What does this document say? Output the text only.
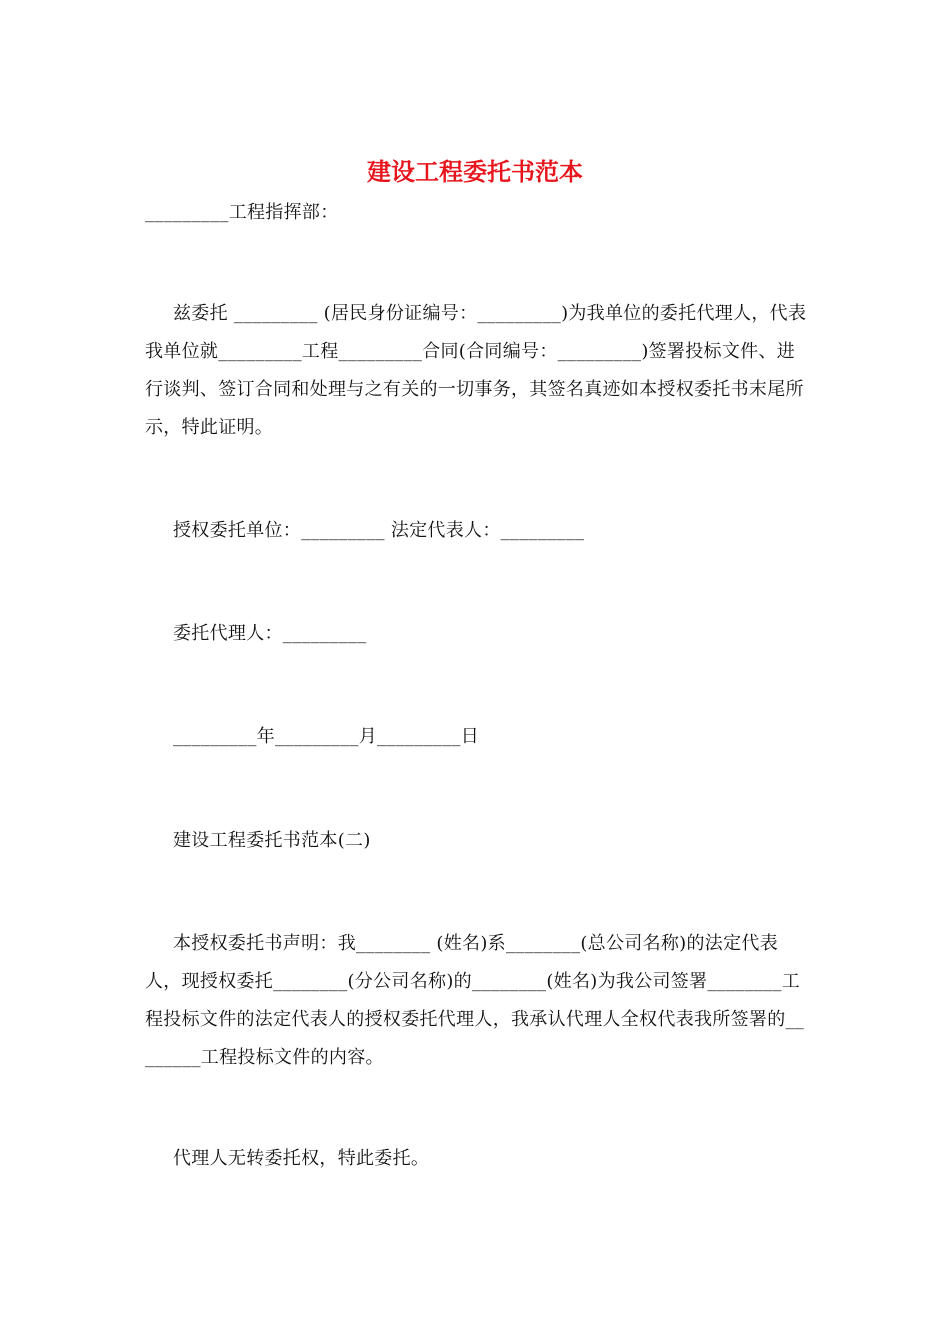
建设工程委托书范本
_________工程指挥部：
兹委托 _________ (居民身份证编号：_________)为我单位的委托代理人，代表我单位就_________工程_________合同(合同编号：_________)签署投标文件、进行谈判、签订合同和处理与之有关的一切事务，其签名真迹如本授权委托书末尾所示，特此证明。
授权委托单位：_________ 法定代表人：_________
委托代理人：_________
_________年_________月_________日
建设工程委托书范本(二)
本授权委托书声明：我________ (姓名)系________(总公司名称)的法定代表人，现授权委托________(分公司名称)的________(姓名)为我公司签署________工程投标文件的法定代表人的授权委托代理人，我承认代理人全权代表我所签署的________工程投标文件的内容。
代理人无转委托权，特此委托。
